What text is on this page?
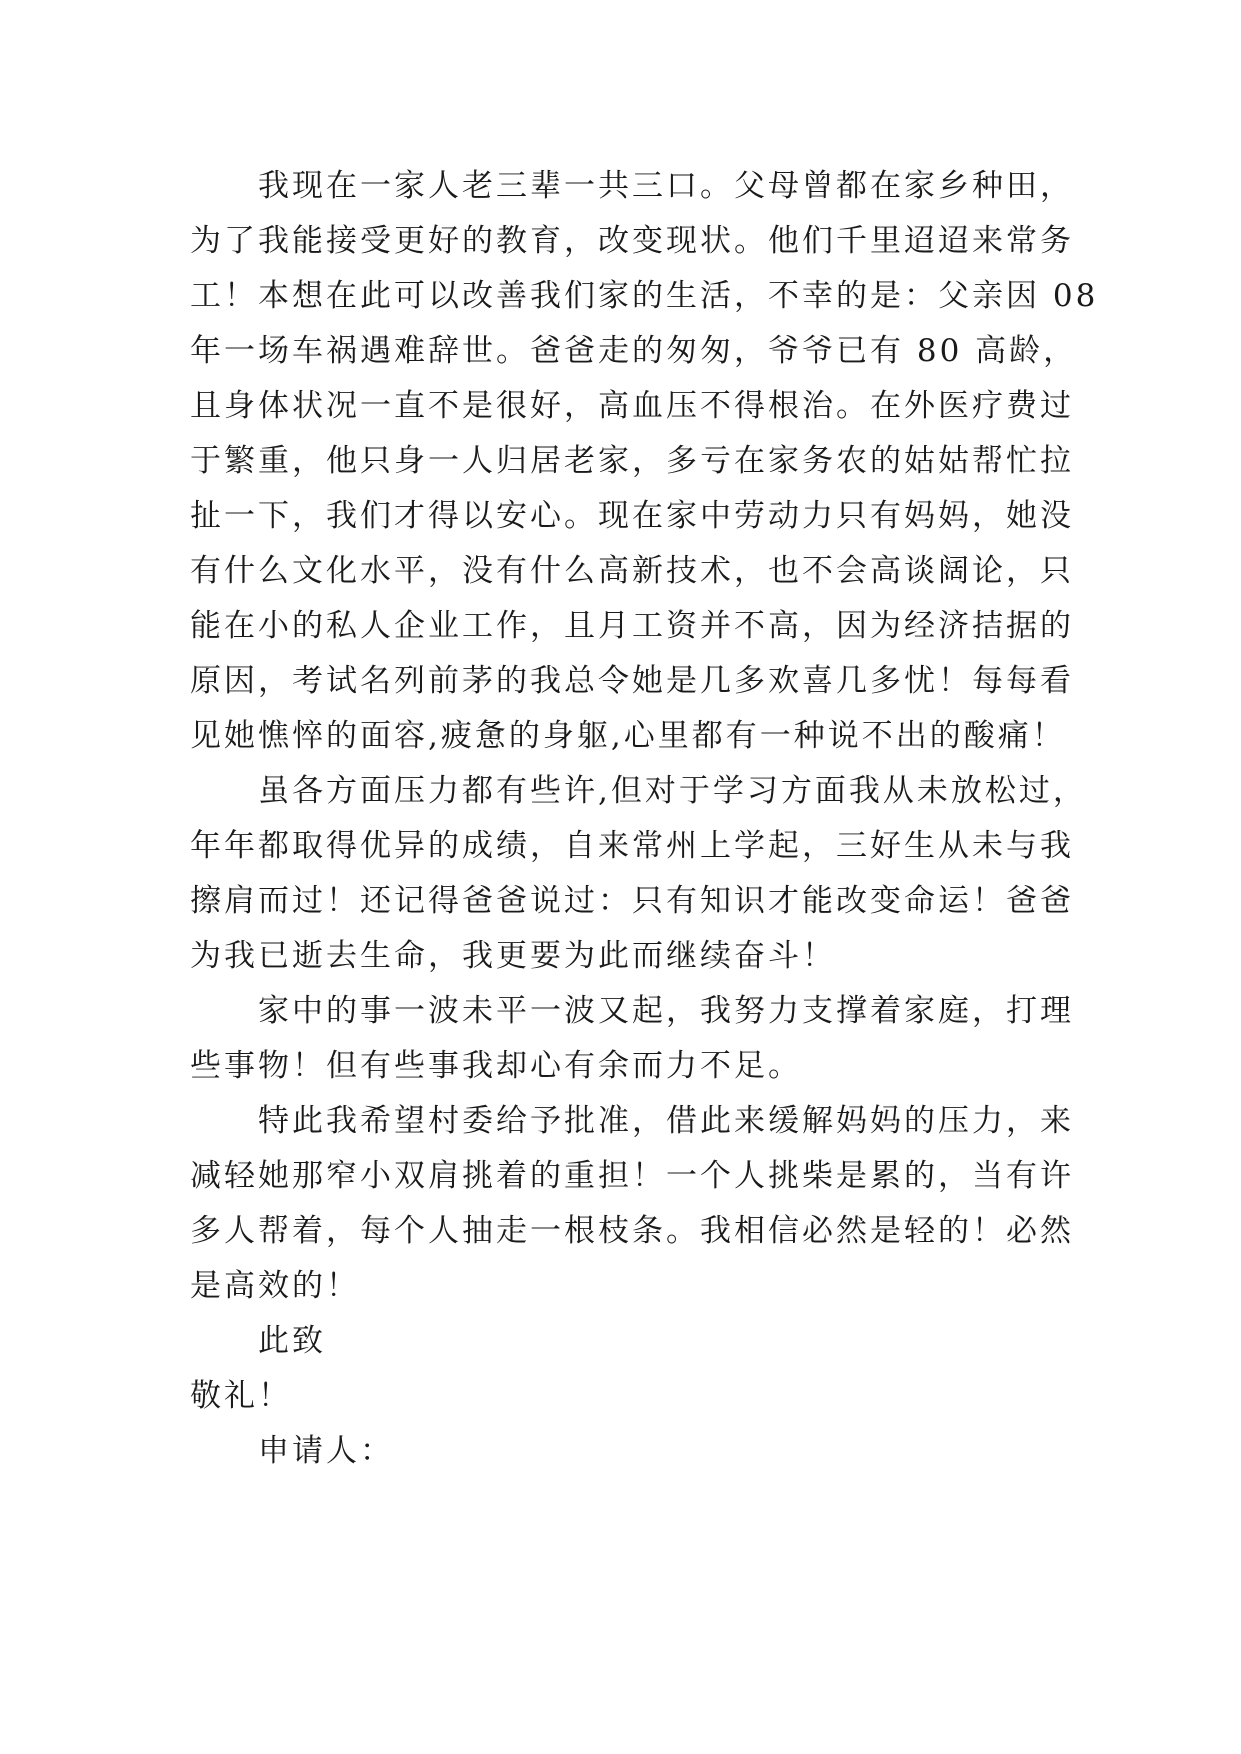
我现在一家人老三辈一共三口。父母曾都在家乡种田，
为了我能接受更好的教育，改变现状。他们千里迢迢来常务
工！本想在此可以改善我们家的生活，不幸的是：父亲因 08
年一场车祸遇难辞世。爸爸走的匆匆，爷爷已有 80 高龄，
且身体状况一直不是很好，高血压不得根治。在外医疗费过
于繁重，他只身一人归居老家，多亏在家务农的姑姑帮忙拉
扯一下，我们才得以安心。现在家中劳动力只有妈妈，她没
有什么文化水平，没有什么高新技术，也不会高谈阔论，只
能在小的私人企业工作，且月工资并不高，因为经济拮据的
原因，考试名列前茅的我总令她是几多欢喜几多忧！每每看
见她憔悴的面容,疲惫的身躯,心里都有一种说不出的酸痛！
虽各方面压力都有些许,但对于学习方面我从未放松过，
年年都取得优异的成绩，自来常州上学起，三好生从未与我
擦肩而过！还记得爸爸说过：只有知识才能改变命运！爸爸
为我已逝去生命，我更要为此而继续奋斗！
家中的事一波未平一波又起，我努力支撑着家庭，打理
些事物！但有些事我却心有余而力不足。
特此我希望村委给予批准，借此来缓解妈妈的压力，来
减轻她那窄小双肩挑着的重担！一个人挑柴是累的，当有许
多人帮着，每个人抽走一根枝条。我相信必然是轻的！必然
是高效的！
此致
敬礼！
申请人：
